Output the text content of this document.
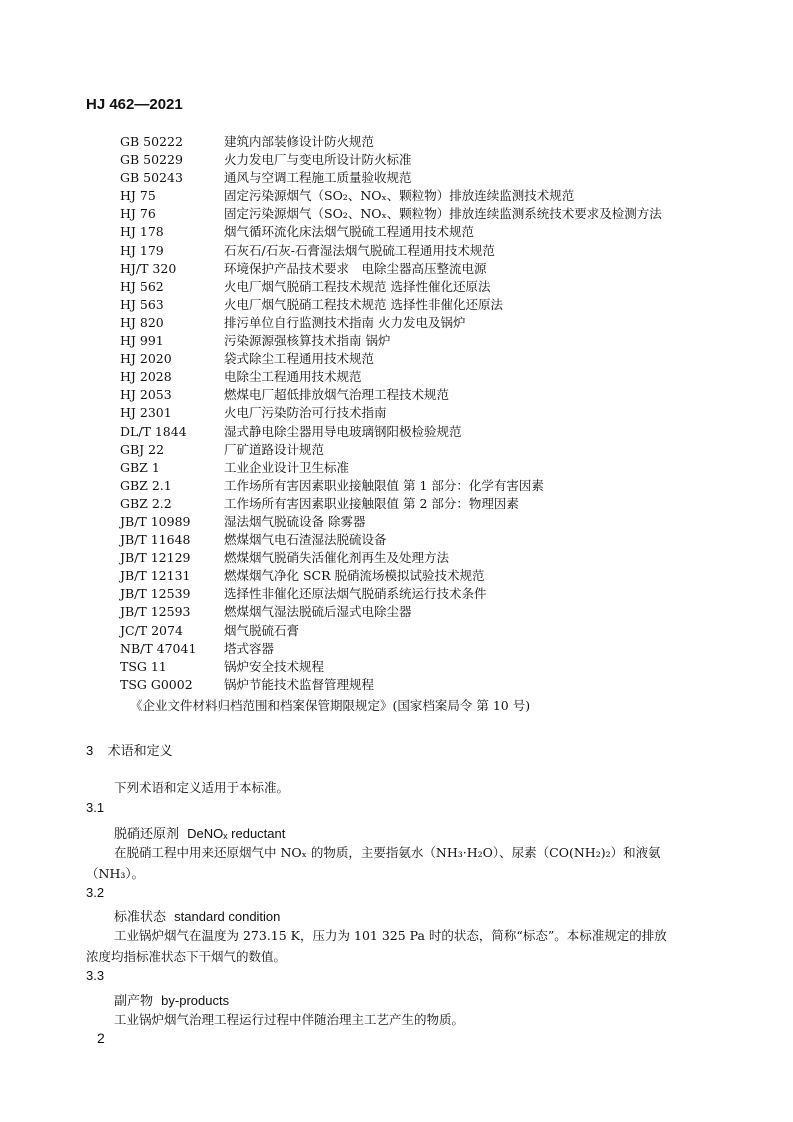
HJ 462—2021
GB 50222	建筑内部装修设计防火规范
GB 50229	火力发电厂与变电所设计防火标准
GB 50243	通风与空调工程施工质量验收规范
HJ 75	固定污染源烟气（SO₂、NOₓ、颗粒物）排放连续监测技术规范
HJ 76	固定污染源烟气（SO₂、NOₓ、颗粒物）排放连续监测系统技术要求及检测方法
HJ 178	烟气循环流化床法烟气脱硫工程通用技术规范
HJ 179	石灰石/石灰-石膏湿法烟气脱硫工程通用技术规范
HJ/T 320	环境保护产品技术要求　电除尘器高压整流电源
HJ 562	火电厂烟气脱硝工程技术规范 选择性催化还原法
HJ 563	火电厂烟气脱硝工程技术规范 选择性非催化还原法
HJ 820	排污单位自行监测技术指南 火力发电及锅炉
HJ 991	污染源源强核算技术指南 锅炉
HJ 2020	袋式除尘工程通用技术规范
HJ 2028	电除尘工程通用技术规范
HJ 2053	燃煤电厂超低排放烟气治理工程技术规范
HJ 2301	火电厂污染防治可行技术指南
DL/T 1844	湿式静电除尘器用导电玻璃钢阳极检验规范
GBJ 22	厂矿道路设计规范
GBZ 1	工业企业设计卫生标准
GBZ 2.1	工作场所有害因素职业接触限值 第 1 部分：化学有害因素
GBZ 2.2	工作场所有害因素职业接触限值 第 2 部分：物理因素
JB/T 10989	湿法烟气脱硫设备 除雾器
JB/T 11648	燃煤烟气电石渣湿法脱硫设备
JB/T 12129	燃煤烟气脱硝失活催化剂再生及处理方法
JB/T 12131	燃煤烟气净化 SCR 脱硝流场模拟试验技术规范
JB/T 12539	选择性非催化还原法烟气脱硝系统运行技术条件
JB/T 12593	燃煤烟气湿法脱硫后湿式电除尘器
JC/T 2074	烟气脱硫石膏
NB/T 47041 塔式容器
TSG 11	锅炉安全技术规程
TSG G0002	锅炉节能技术监督管理规程
《企业文件材料归档范围和档案保管期限规定》(国家档案局令 第 10 号)
3 术语和定义
下列术语和定义适用于本标准。
3.1
脱硝还原剂 DeNOₓ reductant
在脱硝工程中用来还原烟气中 NOₓ 的物质，主要指氨水（NH₃·H₂O）、尿素（CO(NH₂)₂）和液氨
（NH₃）。
3.2
标准状态 standard condition
工业锅炉烟气在温度为 273.15 K，压力为 101 325 Pa 时的状态，简称“标态”。本标准规定的排放
浓度均指标准状态下干烟气的数值。
3.3
副产物 by-products
工业锅炉烟气治理工程运行过程中伴随治理主工艺产生的物质。
2
